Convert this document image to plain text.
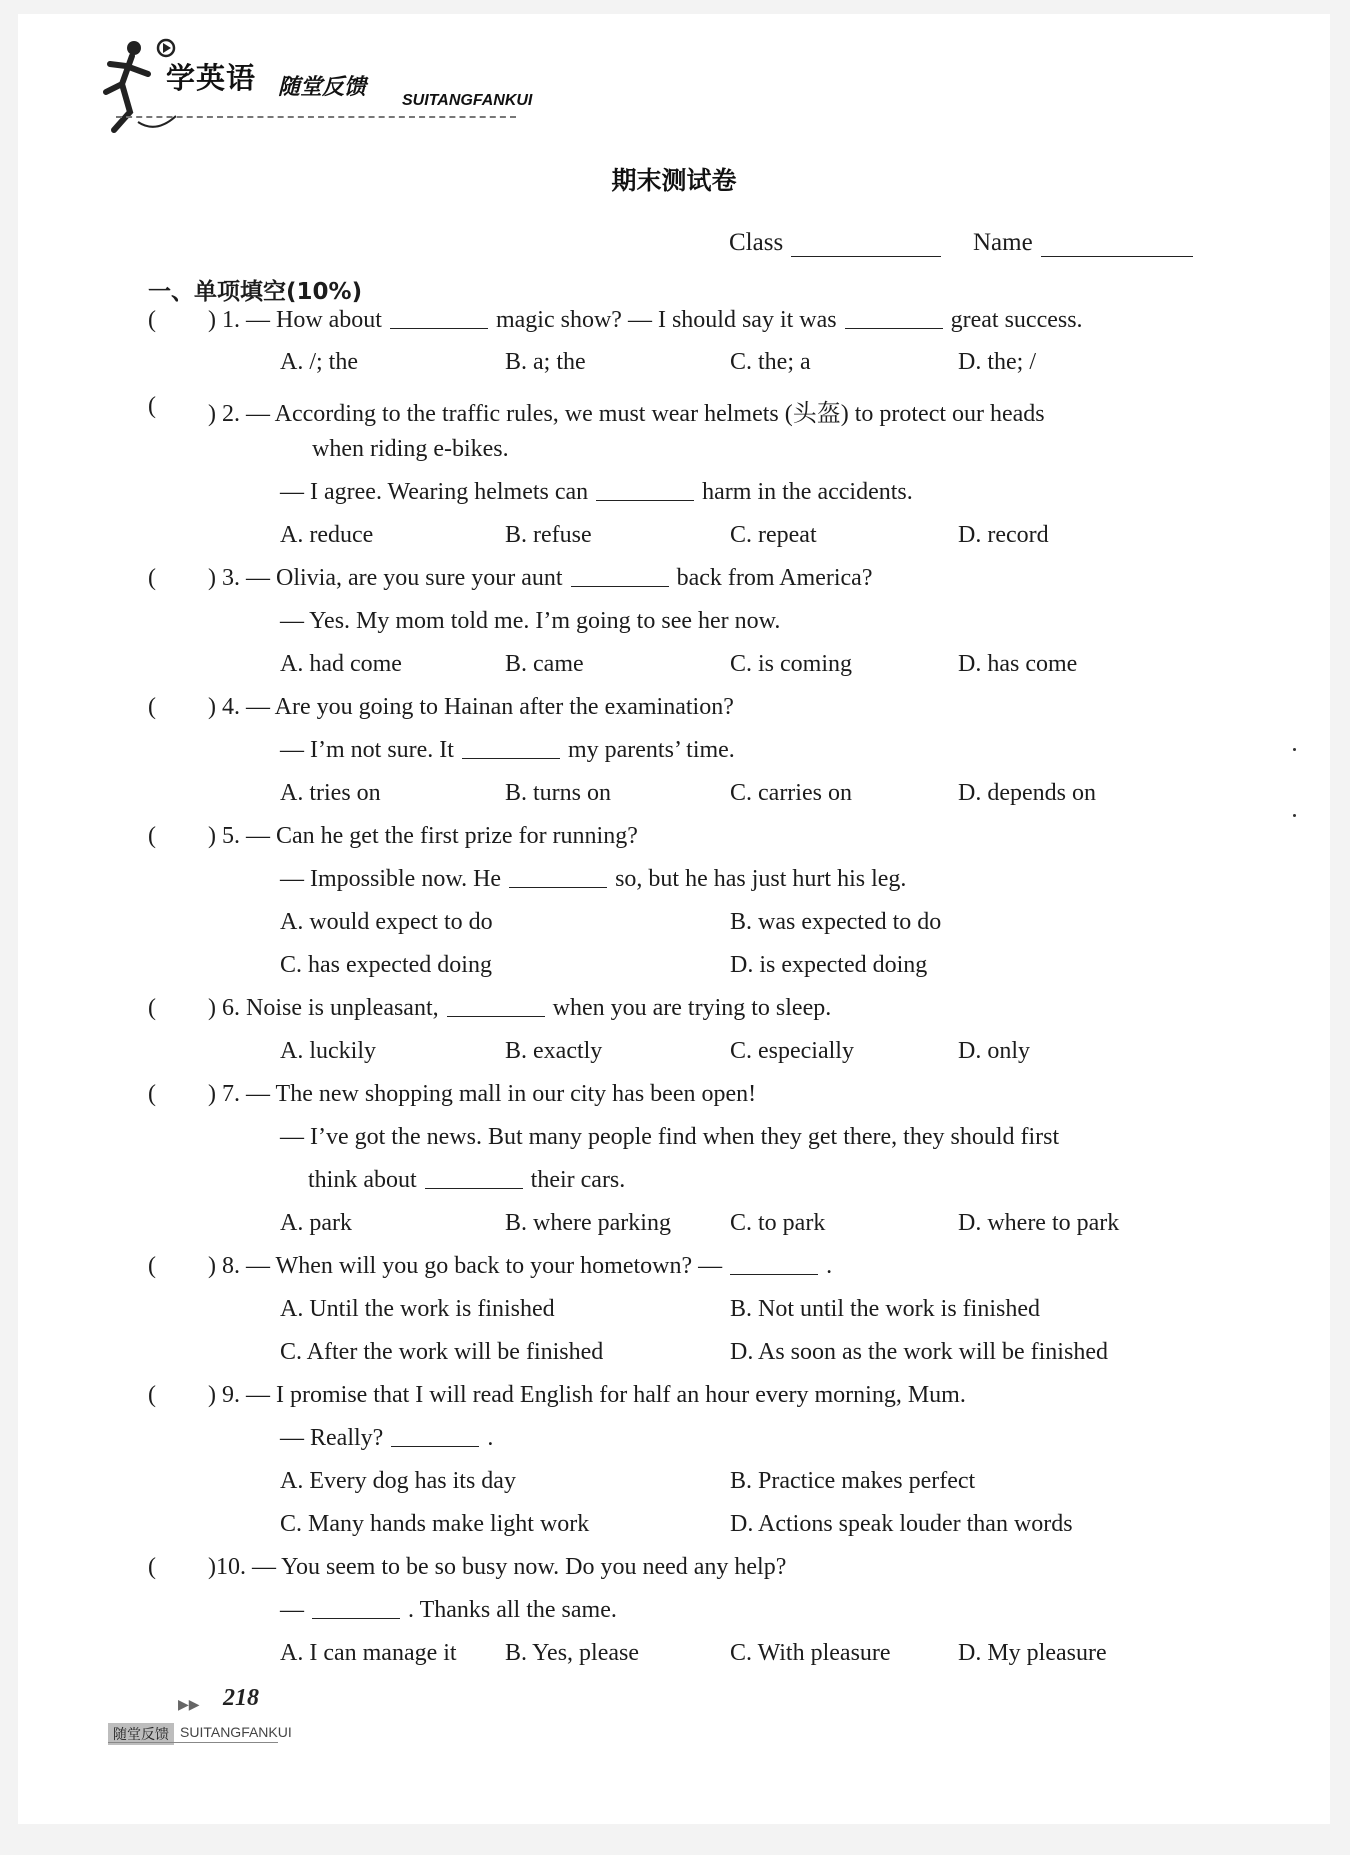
学英语 随堂反馈
SUITANGFANKUI
期末测试卷
Class	Name
一、单项填空(10%)
( ) 1. — How about	magic show? — I should say it was	great success.
A. /; the	B. a; the	C. the; a	D. the; /
( ) 2. — According to the traffic rules, we must wear helmets (头盔) to protect our heads
when riding e-bikes.
— I agree. Wearing helmets can	harm in the accidents.
A. reduce	B. refuse	C. repeat	D. record
( ) 3. — Olivia, are you sure your aunt	back from America?
— Yes. My mom told me. I’m going to see her now.
A. had come	B. came	C. is coming	D. has come
( ) 4. — Are you going to Hainan after the examination?
— I’m not sure. It	my parents’ time.
A. tries on	B. turns on	C. carries on	D. depends on
( ) 5. — Can he get the first prize for running?
— Impossible now. He	so, but he has just hurt his leg.
A. would expect to do	B. was expected to do
C. has expected doing	D. is expected doing
( ) 6. Noise is unpleasant,	when you are trying to sleep.
A. luckily	B. exactly	C. especially	D. only
( ) 7. — The new shopping mall in our city has been open!
— I’ve got the news. But many people find when they get there, they should first
think about	their cars.
A. park	B. where parking C. to park	D. where to park
( ) 8. — When will you go back to your hometown? —	.
A. Until the work is finished	B. Not until the work is finished
C. After the work will be finished	D. As soon as the work will be finished
( ) 9. — I promise that I will read English for half an hour every morning, Mum.
— Really?	.
A. Every dog has its day	B. Practice makes perfect
C. Many hands make light work	D. Actions speak louder than words
( )10. — You seem to be so busy now. Do you need any help?
—	. Thanks all the same.
A. I can manage it B. Yes, please	C. With pleasure	D. My pleasure
▶▶ 218
随堂反馈 SUITANGFANKUI
